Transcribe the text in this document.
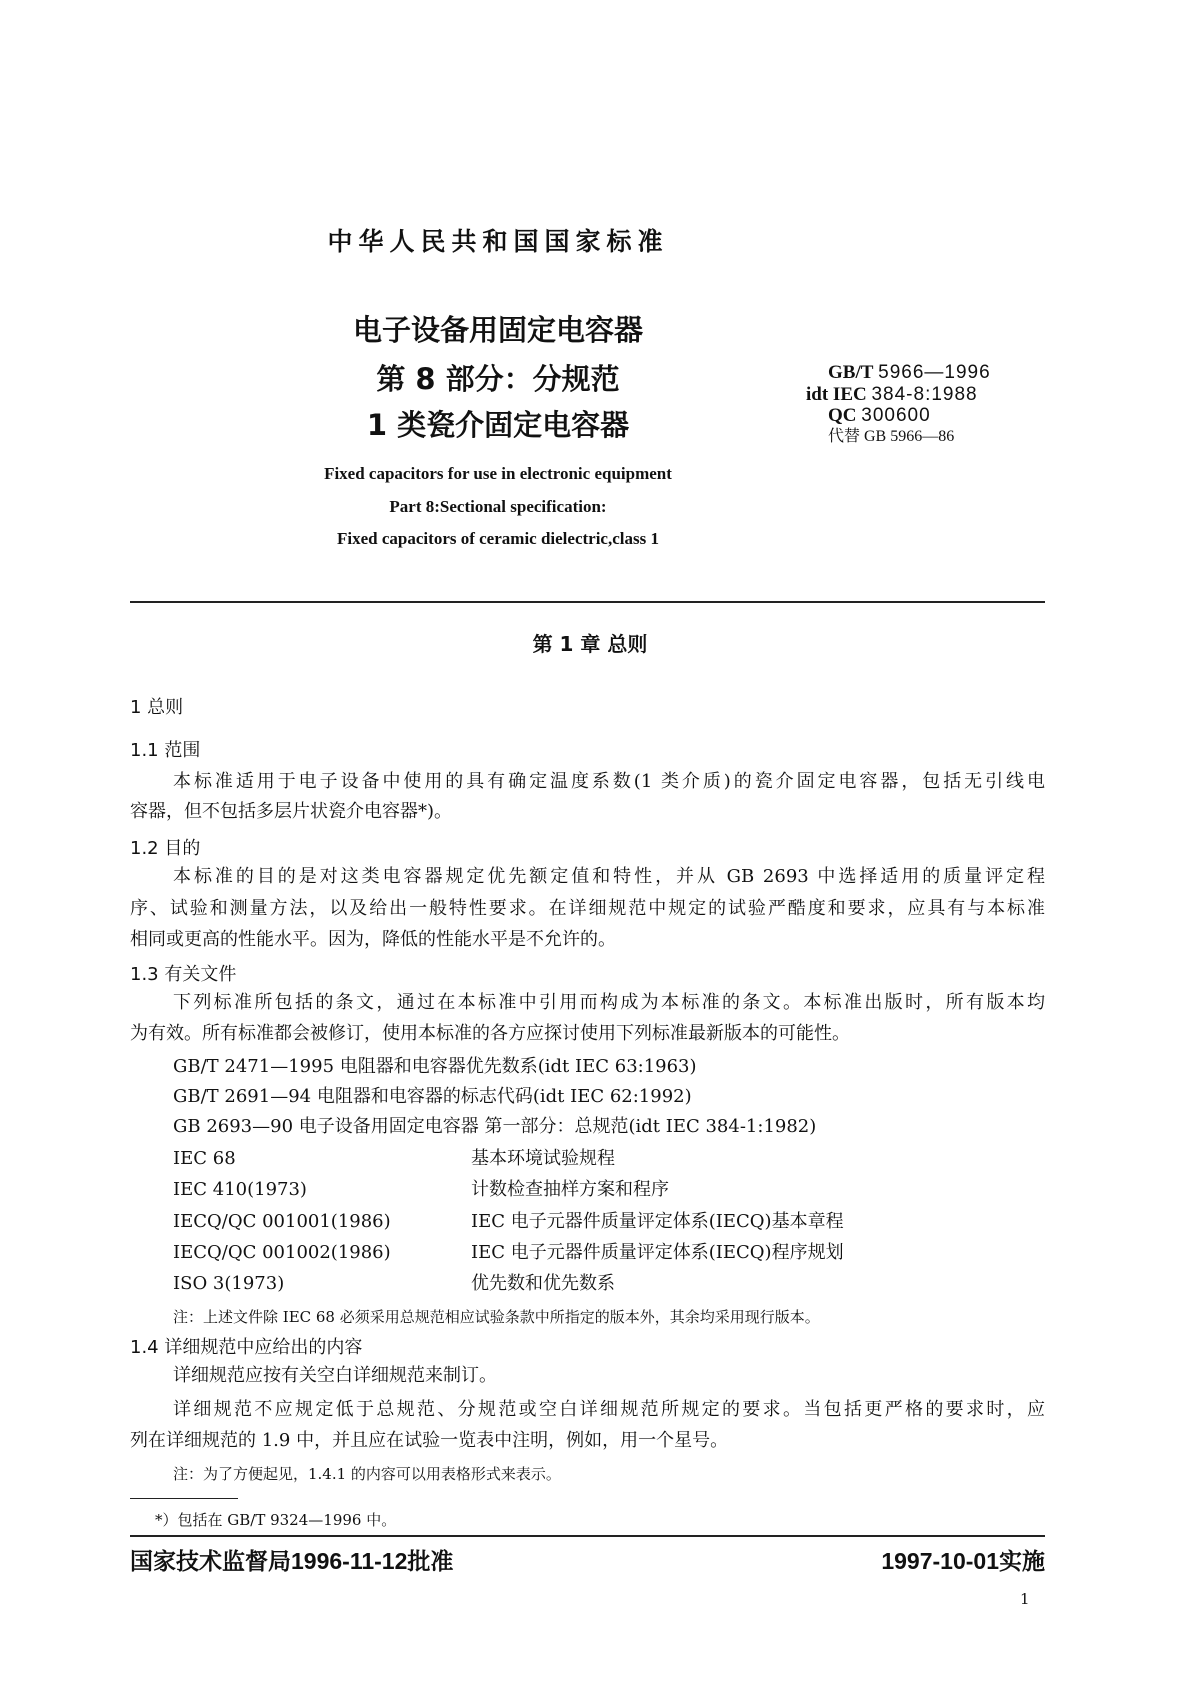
中华人民共和国国家标准
电子设备用固定电容器
第 8 部分：分规范
1 类瓷介固定电容器
GB/T 5966—1996
idt IEC 384-8:1988
QC 300600
代替 GB 5966—86
Fixed capacitors for use in electronic equipment
Part 8:Sectional specification:
Fixed capacitors of ceramic dielectric,class 1
第 1 章 总则
1 总则
1.1 范围
本标准适用于电子设备中使用的具有确定温度系数(1 类介质)的瓷介固定电容器，包括无引线电
容器，但不包括多层片状瓷介电容器*)。
1.2 目的
本标准的目的是对这类电容器规定优先额定值和特性，并从 GB 2693 中选择适用的质量评定程
序、试验和测量方法，以及给出一般特性要求。在详细规范中规定的试验严酷度和要求，应具有与本标准
相同或更高的性能水平。因为，降低的性能水平是不允许的。
1.3 有关文件
下列标准所包括的条文，通过在本标准中引用而构成为本标准的条文。本标准出版时，所有版本均
为有效。所有标准都会被修订，使用本标准的各方应探讨使用下列标准最新版本的可能性。
GB/T 2471—1995 电阻器和电容器优先数系(idt IEC 63:1963)
GB/T 2691—94 电阻器和电容器的标志代码(idt IEC 62:1992)
GB 2693—90 电子设备用固定电容器 第一部分：总规范(idt IEC 384-1:1982)
IEC 68	基本环境试验规程
IEC 410(1973)	计数检查抽样方案和程序
IECQ/QC 001001(1986)	IEC 电子元器件质量评定体系(IECQ)基本章程
IECQ/QC 001002(1986)	IEC 电子元器件质量评定体系(IECQ)程序规划
ISO 3(1973)	优先数和优先数系
注：上述文件除 IEC 68 必须采用总规范相应试验条款中所指定的版本外，其余均采用现行版本。
1.4 详细规范中应给出的内容
详细规范应按有关空白详细规范来制订。
详细规范不应规定低于总规范、分规范或空白详细规范所规定的要求。当包括更严格的要求时，应
列在详细规范的 1.9 中，并且应在试验一览表中注明，例如，用一个星号。
注：为了方便起见，1.4.1 的内容可以用表格形式来表示。
*）包括在 GB/T 9324—1996 中。
国家技术监督局1996-11-12批准	1997-10-01实施
1
